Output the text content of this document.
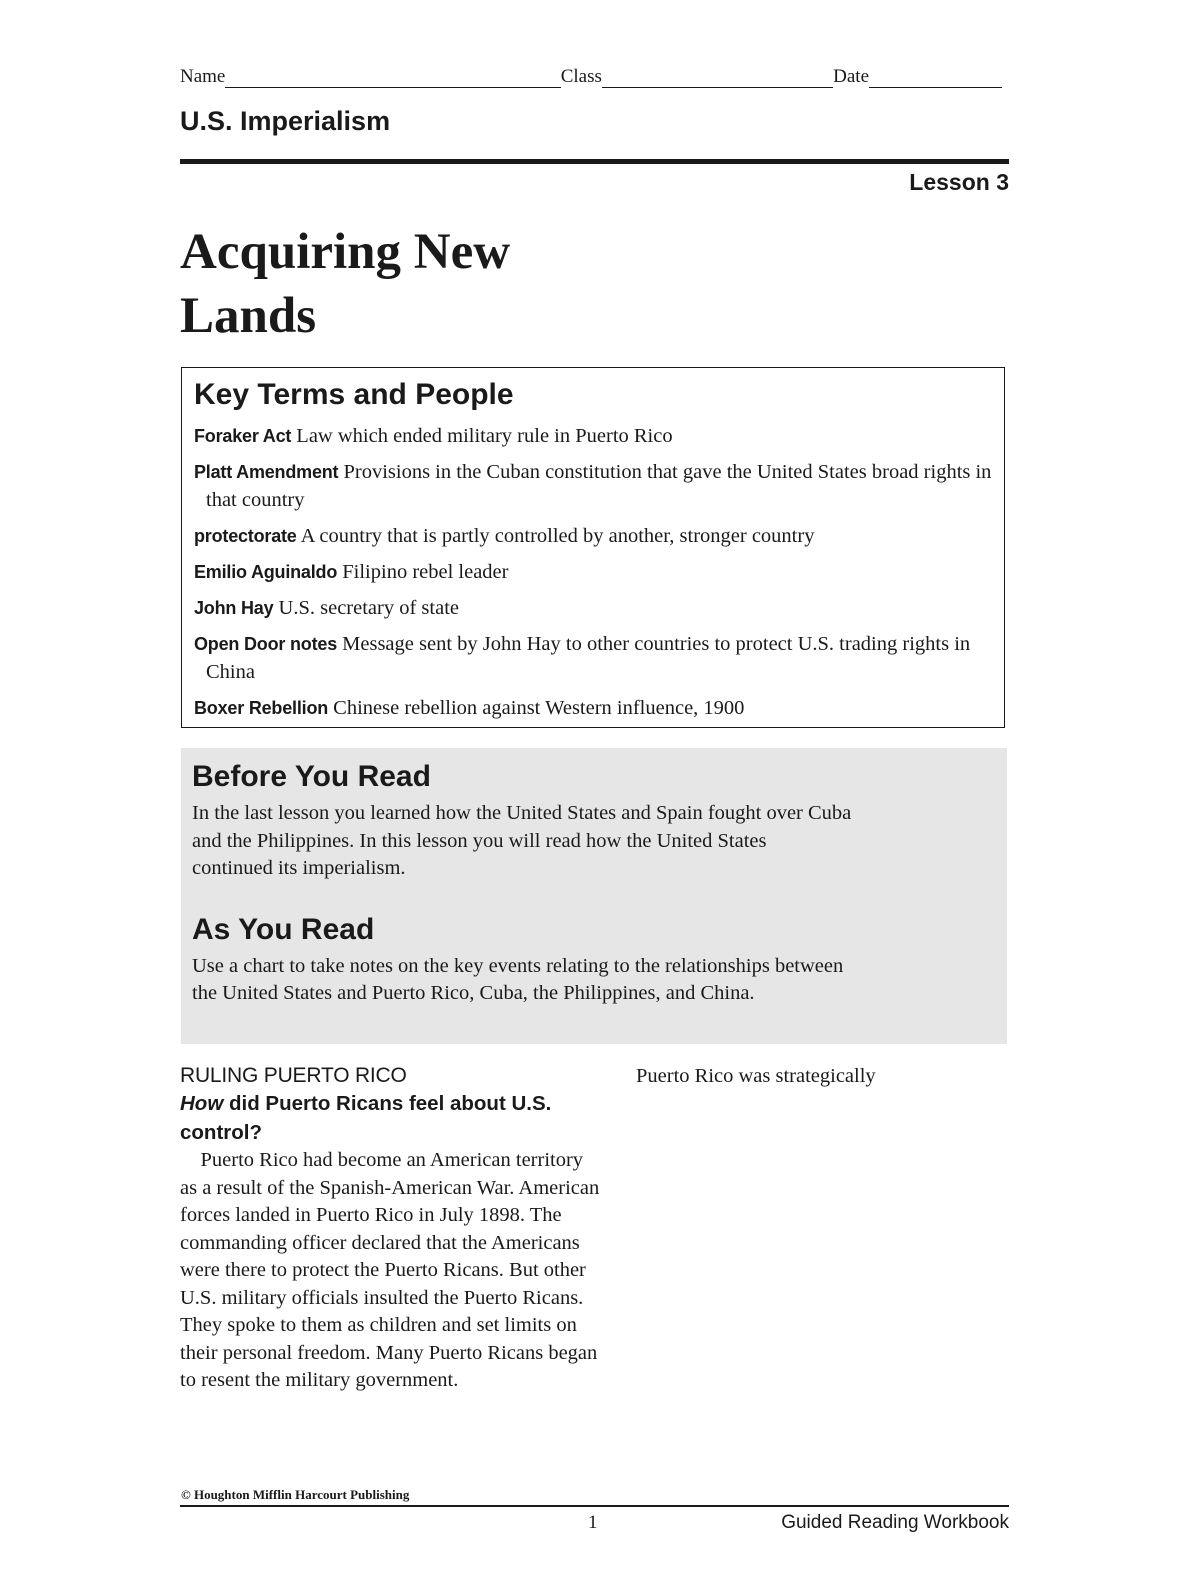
Name	Class	Date
U.S. Imperialism
Lesson 3
Acquiring New
Lands
Key Terms and People
Foraker Act Law which ended military rule in Puerto Rico
Platt Amendment Provisions in the Cuban constitution that gave the United States broad rights in that country
protectorate A country that is partly controlled by another, stronger country
Emilio Aguinaldo Filipino rebel leader
John Hay U.S. secretary of state
Open Door notes Message sent by John Hay to other countries to protect U.S. trading rights in China
Boxer Rebellion Chinese rebellion against Western influence, 1900
Before You Read

In the last lesson you learned how the United States and Spain fought over Cuba and the Philippines. In this lesson you will read how the United States continued its imperialism.

As You Read

Use a chart to take notes on the key events relating to the relationships between the United States and Puerto Rico, Cuba, the Philippines, and China.

RULING PUERTO RICO
How did Puerto Ricans feel about U.S. control?

Puerto Rico had become an American territory as a result of the Spanish-American War. American forces landed in Puerto Rico in July 1898. The commanding officer declared that the Americans were there to protect the Puerto Ricans. But other U.S. military officials insulted the Puerto Ricans. They spoke to them as children and set limits on their personal freedom. Many Puerto Ricans began to resent the military government.

Puerto Rico was strategically
© Houghton Mifflin Harcourt Publishing
1	Guided Reading Workbook
